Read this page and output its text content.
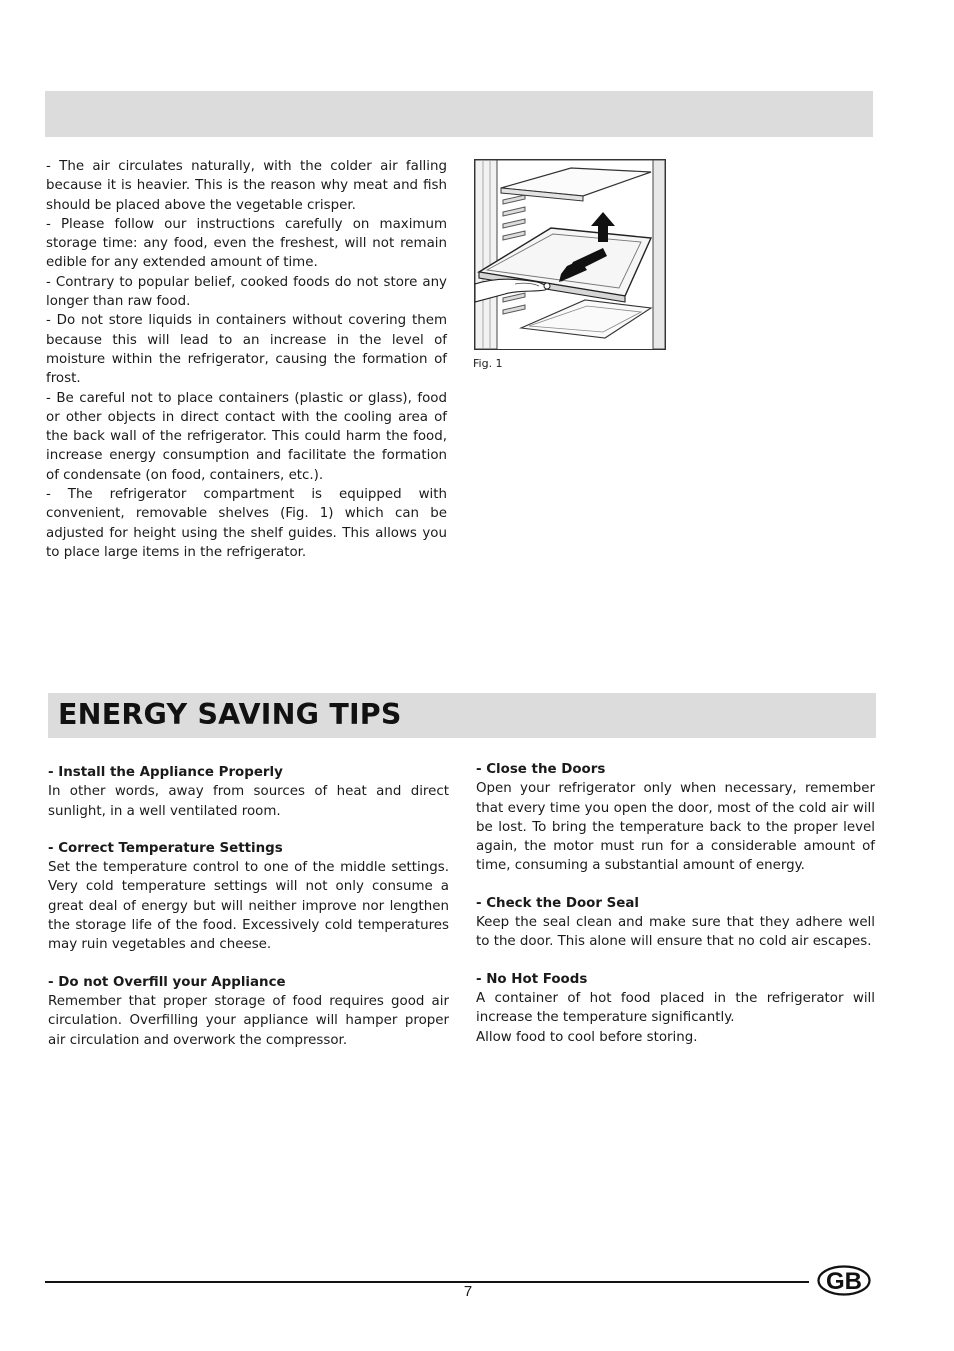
- The air circulates naturally, with the colder air falling because it is heavier. This is the reason why meat and fish should be placed above the vegetable crisper.

- Please follow our instructions carefully on maximum storage time: any food, even the freshest, will not remain edible for any extended amount of time.

- Contrary to popular belief, cooked foods do not store any longer than raw food.

- Do not store liquids in containers without covering them because this will lead to an increase in the level of moisture within the refrigerator, causing the formation of frost.

- Be careful not to place containers (plastic or glass), food or other objects in direct contact with the cooling area of the back wall of the refrigerator. This could harm the food, increase energy consumption and facilitate the formation of condensate (on food, containers, etc.).

- The refrigerator compartment is equipped with convenient, removable shelves (Fig. 1) which can be adjusted for height using the shelf guides. This allows you to place large items in the refrigerator.

Fig. 1
ENERGY SAVING TIPS
- Install the Appliance Properly
In other words, away from sources of heat and direct sunlight, in a well ventilated room.
- Correct Temperature Settings
Set the temperature control to one of the middle settings. Very cold temperature settings will not only consume a great deal of energy but will neither improve nor lengthen the storage life of the food. Excessively cold temperatures may ruin vegetables and cheese.
- Do not Overfill your Appliance
Remember that proper storage of food requires good air circulation. Overfilling your appliance will hamper proper air circulation and overwork the compressor.
- Close the Doors
Open your refrigerator only when necessary, remember that every time you open the door, most of the cold air will be lost. To bring the temperature back to the proper level again, the motor must run for a considerable amount of time, consuming a substantial amount of energy.
- Check the Door Seal
Keep the seal clean and make sure that they adhere well to the door. This alone will ensure that no cold air escapes.
- No Hot Foods
A container of hot food placed in the refrigerator will increase the temperature significantly.
Allow food to cool before storing.
7	GB
